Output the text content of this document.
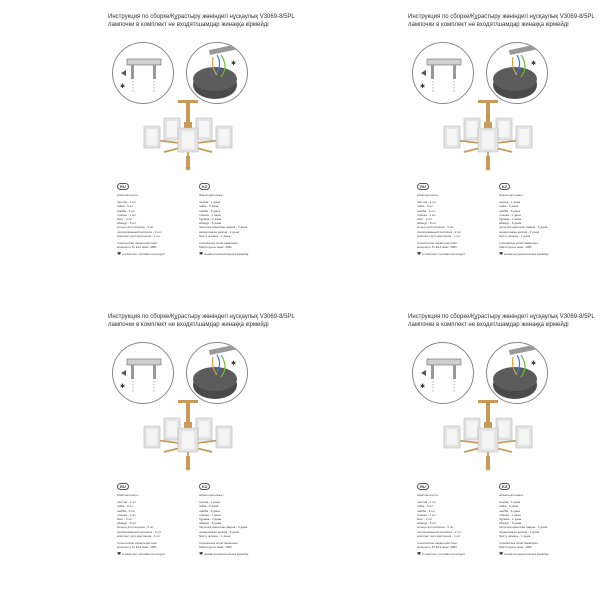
Инструкция по сборке/Құрастыру жөніндегі нұсқаулық V3069-8/5PL
лампочки в комплект не входят/шамдар жинаққа кірмейді
✱
✱
RU
Комплектность:
люстра - 1 шт.
гайка - 6 шт.
шайба - 6 шт.
планка - 1 шт.
винт - 2 шт.
абажур - 5 шт.
кольцо для патрона - 5 шт.
изолированный колпачок - 2 шт.
комплект для крепления - 1 шт.
технические характеристики:
мощность 5x E14 макс. 40Вт
✱ в комплект поставки не входит
KZ
Жиынтықтылығы:
шырақ - 1 дана
гайка - 6 дана
шайба - 6 дана
планка - 1 дана
бұрама - 2 дана
абажур - 5 дана
патронға арналған сақина - 5 дана
оқшауланған қалпақ - 2 дана
бекіту жинағы - 1 дана
техникалық сипаттамалары:
5xE14 қуаты макс. 40Вт
✱ жинақтың жиынтығына кірмейді
Инструкция по сборке/Құрастыру жөніндегі нұсқаулық V3069-8/5PL
лампочки в комплект не входят/шамдар жинаққа кірмейді
✱
✱
RU
Комплектность:
люстра - 1 шт.
гайка - 6 шт.
шайба - 6 шт.
планка - 1 шт.
винт - 2 шт.
абажур - 5 шт.
кольцо для патрона - 5 шт.
изолированный колпачок - 2 шт.
комплект для крепления - 1 шт.
технические характеристики:
мощность 5x E14 макс. 40Вт
✱ в комплект поставки не входит
KZ
Жиынтықтылығы:
шырақ - 1 дана
гайка - 6 дана
шайба - 6 дана
планка - 1 дана
бұрама - 2 дана
абажур - 5 дана
патронға арналған сақина - 5 дана
оқшауланған қалпақ - 2 дана
бекіту жинағы - 1 дана
техникалық сипаттамалары:
5xE14 қуаты макс. 40Вт
✱ жинақтың жиынтығына кірмейді
Инструкция по сборке/Құрастыру жөніндегі нұсқаулық V3069-8/5PL
лампочки в комплект не входят/шамдар жинаққа кірмейді
✱
✱
RU
Комплектность:
люстра - 1 шт.
гайка - 6 шт.
шайба - 6 шт.
планка - 1 шт.
винт - 2 шт.
абажур - 5 шт.
кольцо для патрона - 5 шт.
изолированный колпачок - 2 шт.
комплект для крепления - 1 шт.
технические характеристики:
мощность 5x E14 макс. 40Вт
✱ в комплект поставки не входит
KZ
Жиынтықтылығы:
шырақ - 1 дана
гайка - 6 дана
шайба - 6 дана
планка - 1 дана
бұрама - 2 дана
абажур - 5 дана
патронға арналған сақина - 5 дана
оқшауланған қалпақ - 2 дана
бекіту жинағы - 1 дана
техникалық сипаттамалары:
5xE14 қуаты макс. 40Вт
✱ жинақтың жиынтығына кірмейді
Инструкция по сборке/Құрастыру жөніндегі нұсқаулық V3069-8/5PL
лампочки в комплект не входят/шамдар жинаққа кірмейді
✱
✱
RU
Комплектность:
люстра - 1 шт.
гайка - 6 шт.
шайба - 6 шт.
планка - 1 шт.
винт - 2 шт.
абажур - 5 шт.
кольцо для патрона - 5 шт.
изолированный колпачок - 2 шт.
комплект для крепления - 1 шт.
технические характеристики:
мощность 5x E14 макс. 40Вт
✱ в комплект поставки не входит
KZ
Жиынтықтылығы:
шырақ - 1 дана
гайка - 6 дана
шайба - 6 дана
планка - 1 дана
бұрама - 2 дана
абажур - 5 дана
патронға арналған сақина - 5 дана
оқшауланған қалпақ - 2 дана
бекіту жинағы - 1 дана
техникалық сипаттамалары:
5xE14 қуаты макс. 40Вт
✱ жинақтың жиынтығына кірмейді
